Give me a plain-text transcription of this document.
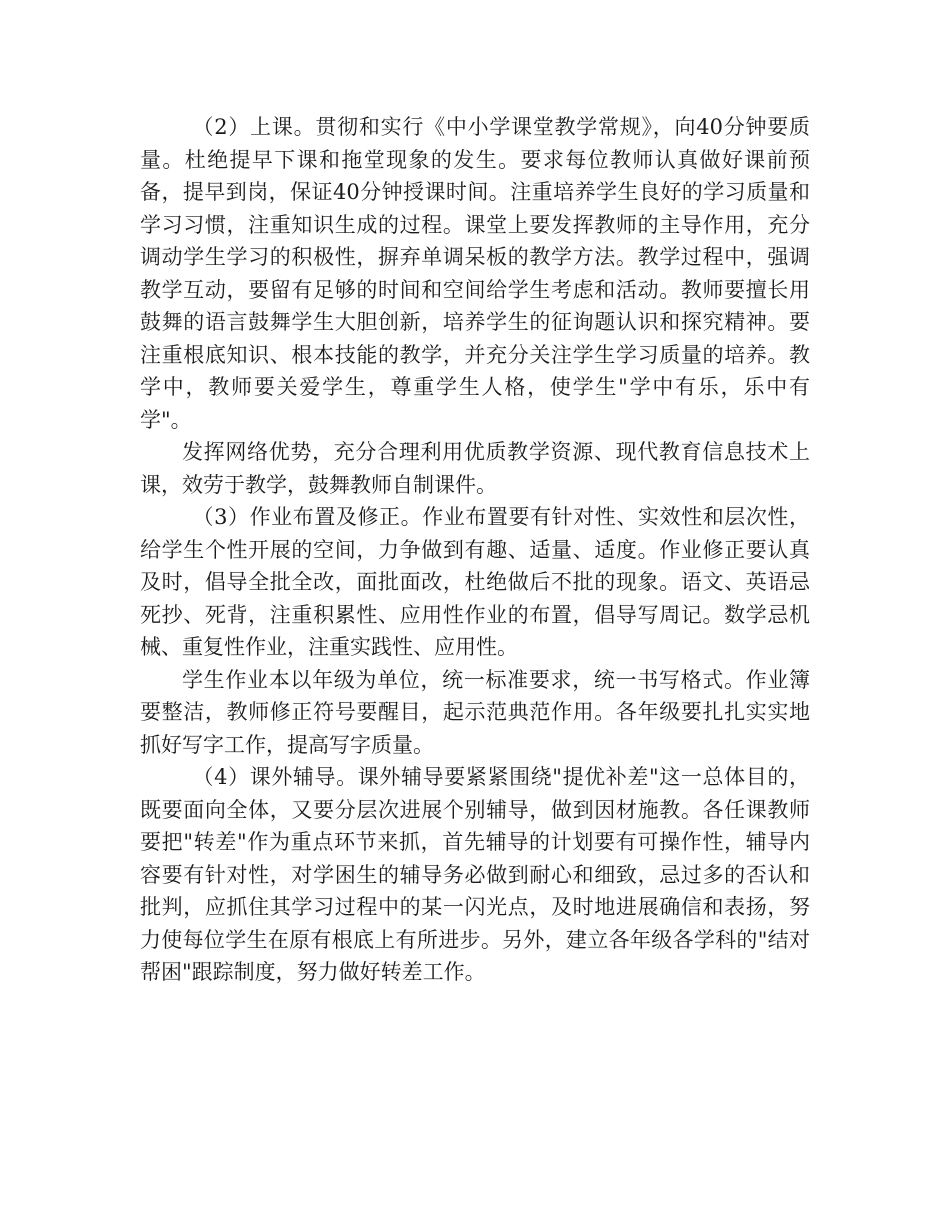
（2）上课。贯彻和实行《中小学课堂教学常规》，向40分钟要质量。杜绝提早下课和拖堂现象的发生。要求每位教师认真做好课前预备，提早到岗，保证40分钟授课时间。注重培养学生良好的学习质量和学习习惯，注重知识生成的过程。课堂上要发挥教师的主导作用，充分调动学生学习的积极性，摒弃单调呆板的教学方法。教学过程中，强调教学互动，要留有足够的时间和空间给学生考虑和活动。教师要擅长用鼓舞的语言鼓舞学生大胆创新，培养学生的征询题认识和探究精神。要注重根底知识、根本技能的教学，并充分关注学生学习质量的培养。教学中，教师要关爱学生，尊重学生人格，使学生"学中有乐，乐中有学"。

发挥网络优势，充分合理利用优质教学资源、现代教育信息技术上课，效劳于教学，鼓舞教师自制课件。

（3）作业布置及修正。作业布置要有针对性、实效性和层次性，给学生个性开展的空间，力争做到有趣、适量、适度。作业修正要认真及时，倡导全批全改，面批面改，杜绝做后不批的现象。语文、英语忌死抄、死背，注重积累性、应用性作业的布置，倡导写周记。数学忌机械、重复性作业，注重实践性、应用性。

学生作业本以年级为单位，统一标准要求，统一书写格式。作业簿要整洁，教师修正符号要醒目，起示范典范作用。各年级要扎扎实实地抓好写字工作，提高写字质量。

（4）课外辅导。课外辅导要紧紧围绕"提优补差"这一总体目的，既要面向全体，又要分层次进展个别辅导，做到因材施教。各任课教师要把"转差"作为重点环节来抓，首先辅导的计划要有可操作性，辅导内容要有针对性，对学困生的辅导务必做到耐心和细致，忌过多的否认和批判，应抓住其学习过程中的某一闪光点，及时地进展确信和表扬，努力使每位学生在原有根底上有所进步。另外，建立各年级各学科的"结对帮困"跟踪制度，努力做好转差工作。
